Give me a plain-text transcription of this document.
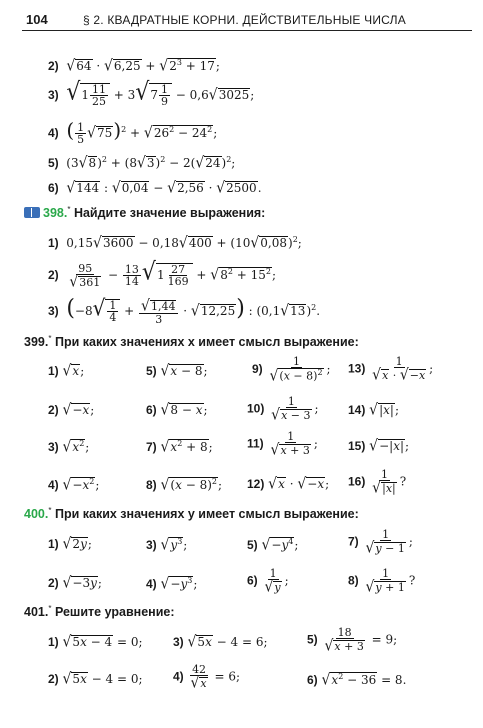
104	§ 2. КВАДРАТНЫЕ КОРНИ. ДЕЙСТВИТЕЛЬНЫЕ ЧИСЛА
2) $√64 \cdot √6,25 + √2^3 + 17$;
3) $√1 \frac{11}{25} + 3√7 \frac{1}{9} - 0,6√3025$;
4) ( $\frac{1}{5} √75)^2 + √26^2 - 24^2$;
5)  $(3√8)^2 + (8√3)^2 - 2(√24)^2$;
6) √144 : √0,04 − √2,56 · √2500.
398.* Найдите значение выражения:
1)  $0,15√3600 - 0,18√400 + (10√0,08)^2$;
$2) \frac{95}{√361} - \frac{13}{14} √1 \frac{27}{169} + √8^2 + 15^2$;
3) $(-8√ \frac{1}{4} + \frac{√1,44}{3} \cdot √12,25)$ : $(0,1√13)^2$.
399.* При каких значениях x имеет смысл выражение:
1) √x;	5) √x − 8;	$9) \frac{1}{√(x - 8)^2}$ ; $13) \frac{1}{√x \cdot √-x}$ ;
2) √−x;	6) √8 − x;	$10) \frac{1}{√x - 3}$ ; 14) √|x|;
3) $√x^2$;	7) $√x^2 + 8$;	$11) \frac{1}{√x + 3}$ ;	15) √−|x|;
4) $√-x^2$;	8) $√(x - 8)^2$; 12) √x · √−x; $16) \frac{1}{√|x|}$ ?
400.* При каких значениях y имеет смысл выражение:
1) √2y;	3) $√y^3$;	5) $√-y^4$;	$7) \frac{1}{√y - 1}$ ;
2) √−3y;	4) $√-y^3$;	$6) \frac{1}{√y}$ ;	$8) \frac{1}{√y + 1}$ ?
401.* Решите уравнение:
1) √5x − 4 = 0;	3) √5x − 4 = 6;	$5) \frac{18}{√x + 3} = 9$;
2) √5x − 4 = 0;	$4) \frac{42}{√x} = 6$;	6) $√x^2 - 36 = 8$.
